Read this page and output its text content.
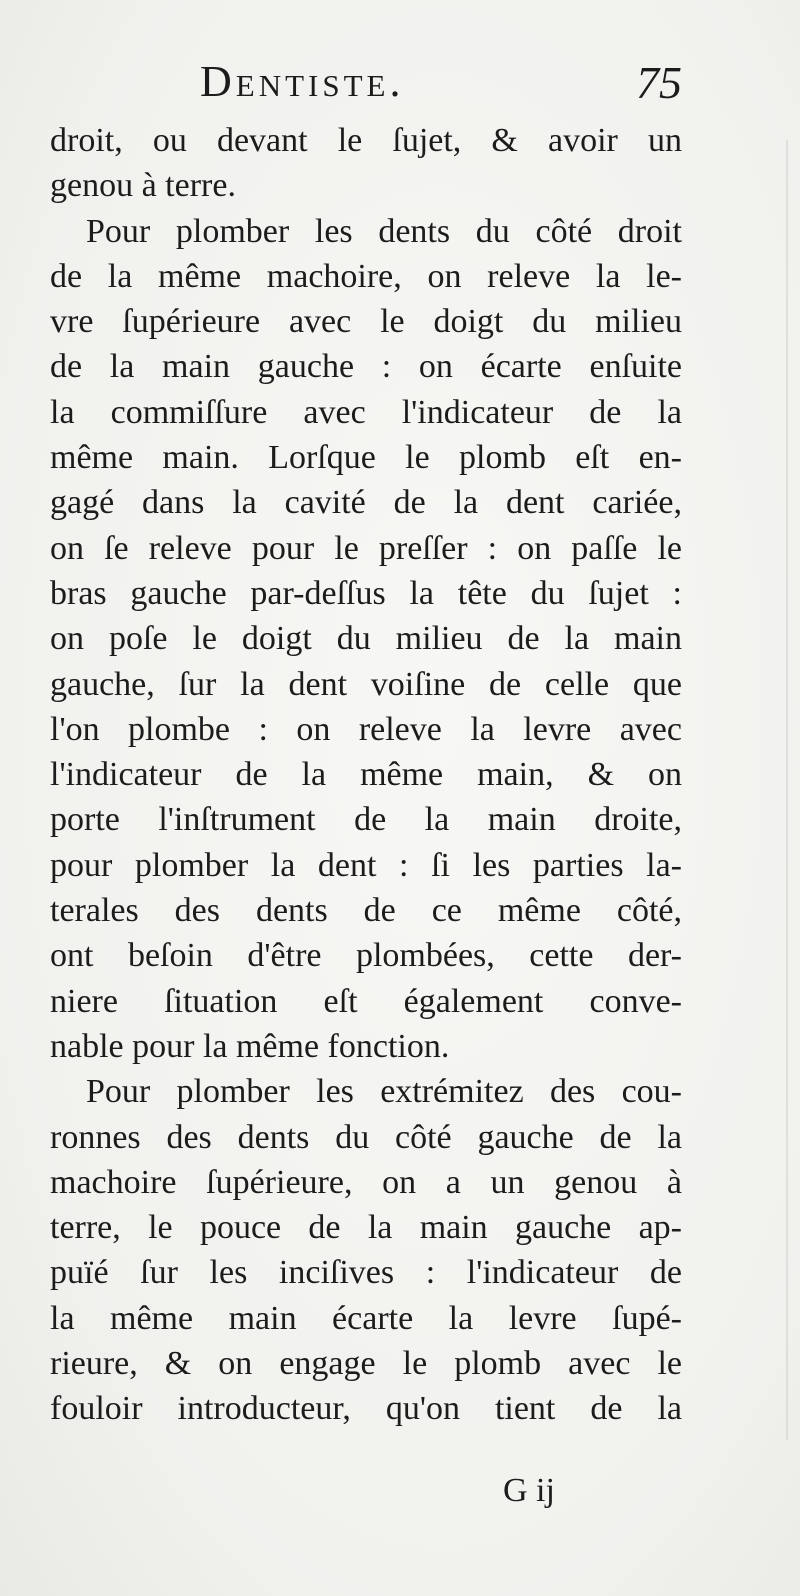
Dentiste.	75
droit, ou devant le ſujet, & avoir un
genou à terre.
Pour plomber les dents du côté droit
de la même machoire, on releve la le-
vre ſupérieure avec le doigt du milieu
de la main gauche : on écarte enſuite
la commiſſure avec l'indicateur de la
même main. Lorſque le plomb eſt en-
gagé dans la cavité de la dent cariée,
on ſe releve pour le preſſer : on paſſe le
bras gauche par-deſſus la tête du ſujet :
on poſe le doigt du milieu de la main
gauche, ſur la dent voiſine de celle que
l'on plombe : on releve la levre avec
l'indicateur de la même main, & on
porte l'inſtrument de la main droite,
pour plomber la dent : ſi les parties la-
terales des dents de ce même côté,
ont beſoin d'être plombées, cette der-
niere ſituation eſt également conve-
nable pour la même fonction.
Pour plomber les extrémitez des cou-
ronnes des dents du côté gauche de la
machoire ſupérieure, on a un genou à
terre, le pouce de la main gauche ap-
puïé ſur les inciſives : l'indicateur de
la même main écarte la levre ſupé-
rieure, & on engage le plomb avec le
fouloir introducteur, qu'on tient de la
G ij
